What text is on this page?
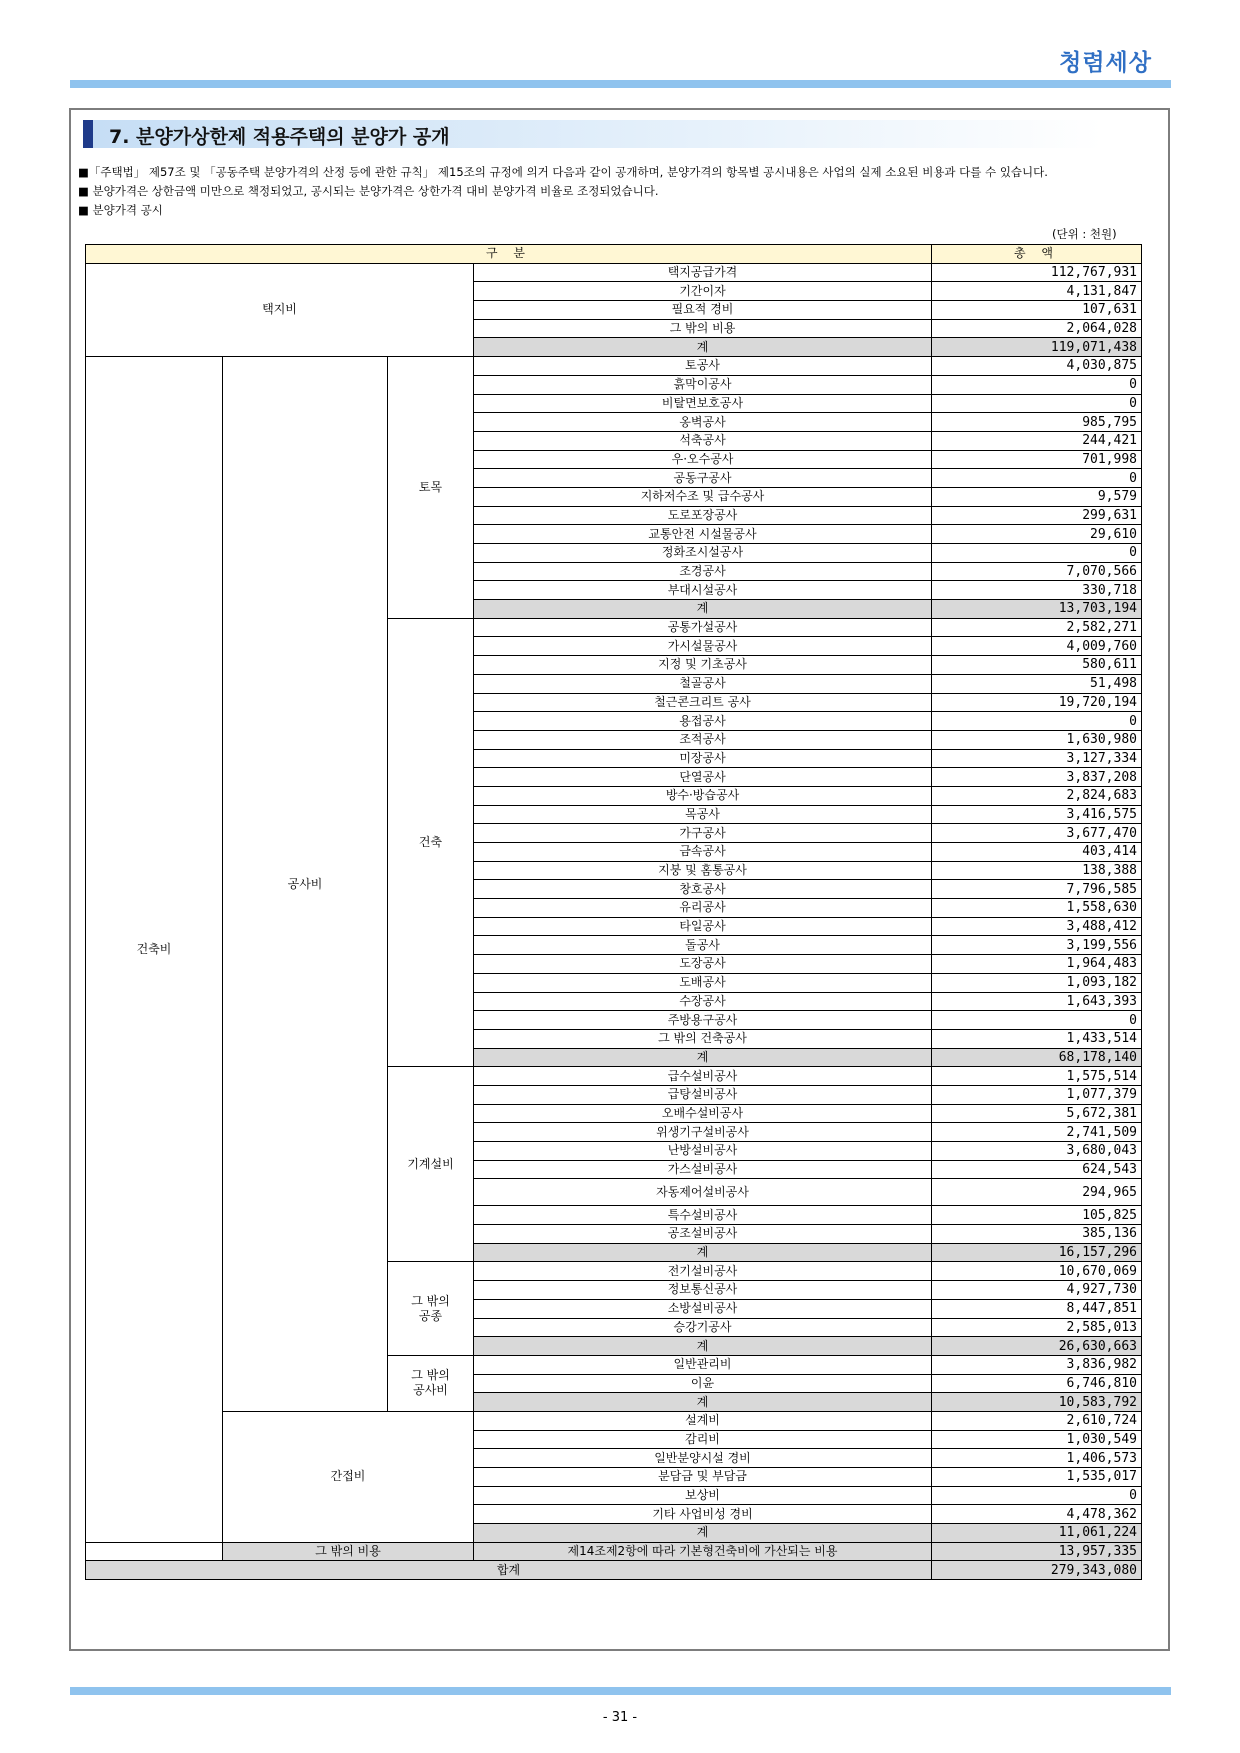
청렴세상
7. 분양가상한제 적용주택의 분양가 공개
■「주택법」 제57조 및 「공동주택 분양가격의 산정 등에 관한 규칙」 제15조의 규정에 의거 다음과 같이 공개하며, 분양가격의 항목별 공시내용은 사업의 실제 소요된 비용과 다를 수 있습니다.
■ 분양가격은 상한금액 미만으로 책정되었고, 공시되는 분양가격은 상한가격 대비 분양가격 비율로 조정되었습니다.
■ 분양가격 공시
(단위 : 천원)
구 분				총 액
택지비			택지공급가격	112,767,931
			기간이자	4,131,847
			필요적 경비	107,631
			그 밖의 비용	2,064,028
			계	119,071,438
건축비	공사비	토목	토공사	4,030,875
			흙막이공사	0
			비탈면보호공사	0
			옹벽공사	985,795
			석축공사	244,421
			우·오수공사	701,998
			공동구공사	0
			지하저수조 및 급수공사	9,579
			도로포장공사	299,631
			교통안전 시설물공사	29,610
			정화조시설공사	0
			조경공사	7,070,566
			부대시설공사	330,718
			계	13,703,194
		건축	공통가설공사	2,582,271
			가시설물공사	4,009,760
			지정 및 기초공사	580,611
			철골공사	51,498
			철근콘크리트 공사	19,720,194
			용접공사	0
			조적공사	1,630,980
			미장공사	3,127,334
			단열공사	3,837,208
			방수·방습공사	2,824,683
			목공사	3,416,575
			가구공사	3,677,470
			금속공사	403,414
			지붕 및 홈통공사	138,388
			창호공사	7,796,585
			유리공사	1,558,630
			타일공사	3,488,412
			돌공사	3,199,556
			도장공사	1,964,483
			도배공사	1,093,182
			수장공사	1,643,393
			주방용구공사	0
			그 밖의 건축공사	1,433,514
			계	68,178,140
		기계설비	급수설비공사	1,575,514
			급탕설비공사	1,077,379
			오배수설비공사	5,672,381
			위생기구설비공사	2,741,509
			난방설비공사	3,680,043
			가스설비공사	624,543
			자동제어설비공사	294,965
			특수설비공사	105,825
			공조설비공사	385,136
			계	16,157,296
		그 밖의 공종	전기설비공사	10,670,069
			정보통신공사	4,927,730
			소방설비공사	8,447,851
			승강기공사	2,585,013
			계	26,630,663
		그 밖의 공사비	일반관리비	3,836,982
			이윤	6,746,810
			계	10,583,792
	간접비		설계비	2,610,724
			감리비	1,030,549
			일반분양시설 경비	1,406,573
			분담금 및 부담금	1,535,017
			보상비	0
			기타 사업비성 경비	4,478,362
			계	11,061,224
	그 밖의 비용		제14조제2항에 따라 기본형건축비에 가산되는 비용	13,957,335
합계				279,343,080
- 31 -
